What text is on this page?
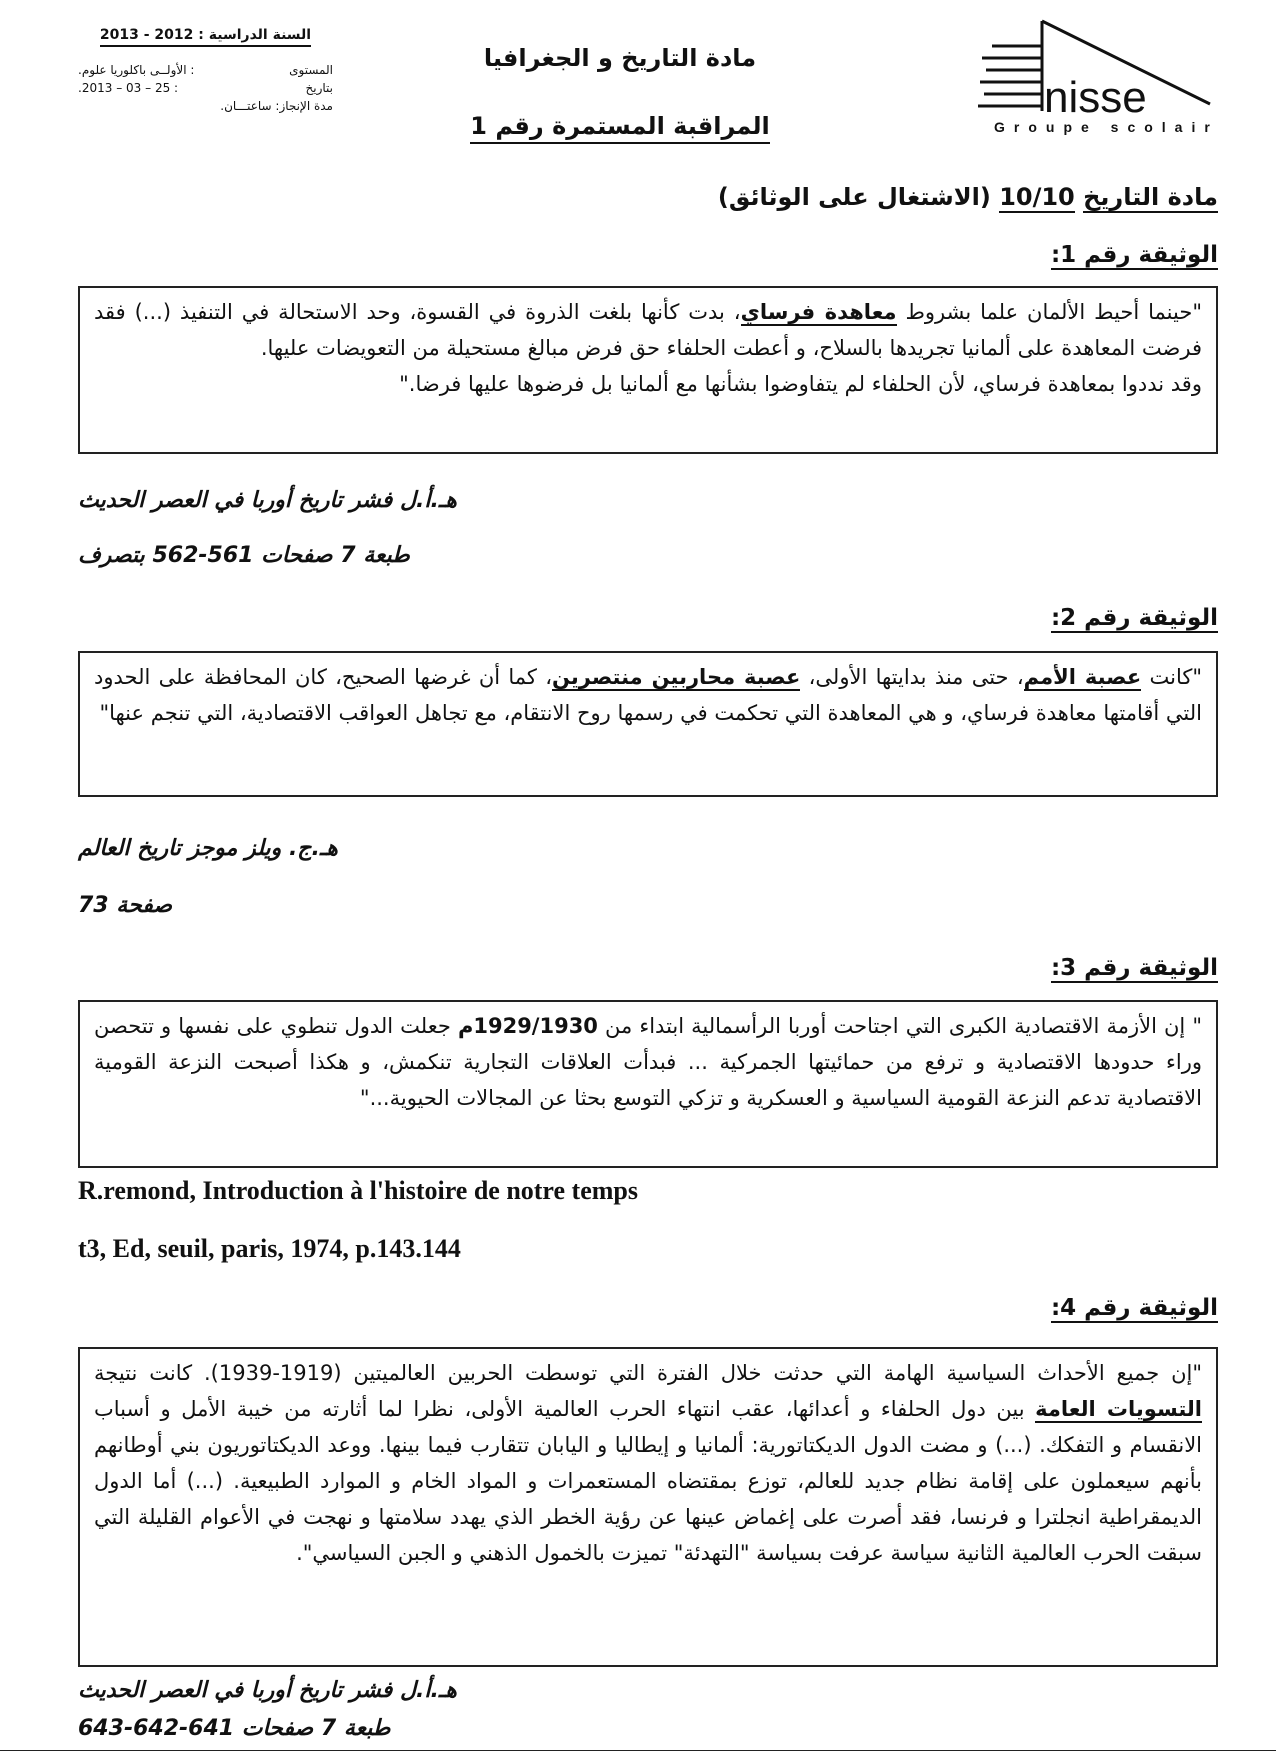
السنة الدراسية : 2012 - 2013
المستوى
: الأولــى باكلوريا علوم.
بتاريخ
: 25 – 03 – 2013.
مدة الإنجاز: ساعتـــان.
مادة التاريخ و الجغرافيا
المراقبة المستمرة رقم 1
nisse
Groupe scolaire
مادة التاريخ 10/10 (الاشتغال على الوثائق)
الوثيقة رقم 1:
"حينما أحيط الألمان علما بشروط معاهدة فرساي، بدت كأنها بلغت الذروة في القسوة، وحد الاستحالة في التنفيذ (...) فقد فرضت المعاهدة على ألمانيا تجريدها بالسلاح، و أعطت الحلفاء حق فرض مبالغ مستحيلة من التعويضات عليها.
وقد نددوا بمعاهدة فرساي، لأن الحلفاء لم يتفاوضوا بشأنها مع ألمانيا بل فرضوها عليها فرضا."
هـ.أ.ل فشر تاريخ أوربا في العصر الحديث
طبعة 7 صفحات 561-562 بتصرف
الوثيقة رقم 2:
"كانت عصبة الأمم، حتى منذ بدايتها الأولى، عصبة محاربين منتصرين، كما أن غرضها الصحيح، كان المحافظة على الحدود التي أقامتها معاهدة فرساي، و هي المعاهدة التي تحكمت في رسمها روح الانتقام، مع تجاهل العواقب الاقتصادية، التي تنجم عنها"
هـ.ج. ويلز موجز تاريخ العالم
صفحة 73
الوثيقة رقم 3:
" إن الأزمة الاقتصادية الكبرى التي اجتاحت أوربا الرأسمالية ابتداء من 1929/1930م جعلت الدول تنطوي على نفسها و تتحصن وراء حدودها الاقتصادية و ترفع من حمائيتها الجمركية ... فبدأت العلاقات التجارية تنكمش، و هكذا أصبحت النزعة القومية الاقتصادية تدعم النزعة القومية السياسية و العسكرية و تزكي التوسع بحثا عن المجالات الحيوية..."
R.remond, Introduction à l'histoire de notre temps
t3, Ed, seuil, paris, 1974, p.143.144
الوثيقة رقم 4:
"إن جميع الأحداث السياسية الهامة التي حدثت خلال الفترة التي توسطت الحربين العالميتين (1919-1939). كانت نتيجة التسويات العامة بين دول الحلفاء و أعدائها، عقب انتهاء الحرب العالمية الأولى، نظرا لما أثارته من خيبة الأمل و أسباب الانقسام و التفكك. (...) و مضت الدول الديكتاتورية: ألمانيا و إيطاليا و اليابان تتقارب فيما بينها. ووعد الديكتاتوريون بني أوطانهم بأنهم سيعملون على إقامة نظام جديد للعالم، توزع بمقتضاه المستعمرات و المواد الخام و الموارد الطبيعية. (...) أما الدول الديمقراطية انجلترا و فرنسا، فقد أصرت على إغماض عينها عن رؤية الخطر الذي يهدد سلامتها و نهجت في الأعوام القليلة التي سبقت الحرب العالمية الثانية سياسة عرفت بسياسة "التهدئة" تميزت بالخمول الذهني و الجبن السياسي".
هـ.أ.ل فشر تاريخ أوربا في العصر الحديث
طبعة 7 صفحات 641-642-643
